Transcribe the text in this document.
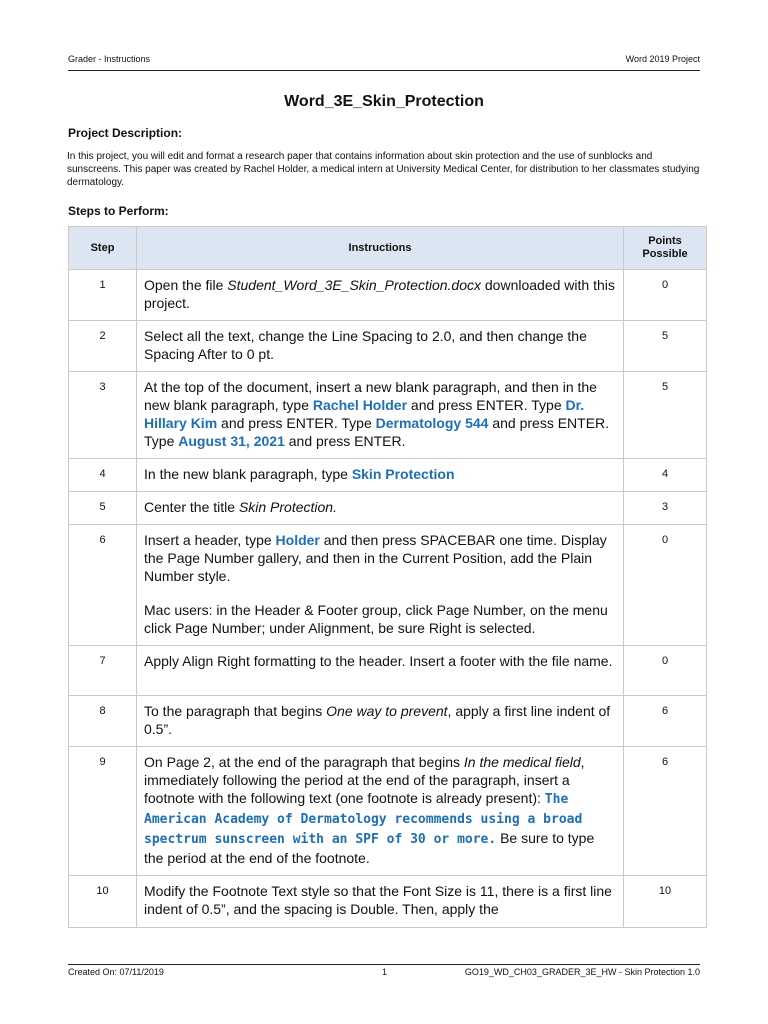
Grader - Instructions	Word 2019 Project
Word_3E_Skin_Protection
Project Description:
In this project, you will edit and format a research paper that contains information about skin protection and the use of sunblocks and sunscreens. This paper was created by Rachel Holder, a medical intern at University Medical Center, for distribution to her classmates studying dermatology.
Steps to Perform:
Step	Instructions	Points
Possible
1	Open the file Student_Word_3E_Skin_Protection.docx downloaded with this project.	0
2	Select all the text, change the Line Spacing to 2.0, and then change the Spacing After to 0 pt.	5
3	At the top of the document, insert a new blank paragraph, and then in the new blank paragraph, type Rachel Holder and press ENTER. Type Dr. Hillary Kim and press ENTER. Type Dermatology 544 and press ENTER. Type August 31, 2021 and press ENTER.	5
4	In the new blank paragraph, type Skin Protection	4
5	Center the title Skin Protection.	3
6	Insert a header, type Holder and then press SPACEBAR one time. Display the Page Number gallery, and then in the Current Position, add the Plain Number style.
Mac users: in the Header & Footer group, click Page Number, on the menu click Page Number; under Alignment, be sure Right is selected.	0
7	Apply Align Right formatting to the header. Insert a footer with the file name.	0
8	To the paragraph that begins One way to prevent, apply a first line indent of 0.5”.	6
9	On Page 2, at the end of the paragraph that begins In the medical field, immediately following the period at the end of the paragraph, insert a footnote with the following text (one footnote is already present): The American Academy of Dermatology recommends using a broad spectrum sunscreen with an SPF of 30 or more. Be sure to type the period at the end of the footnote.	6
10	Modify the Footnote Text style so that the Font Size is 11, there is a first line indent of 0.5”, and the spacing is Double. Then, apply the	10
Created On: 07/11/2019	1	GO19_WD_CH03_GRADER_3E_HW - Skin Protection 1.0
